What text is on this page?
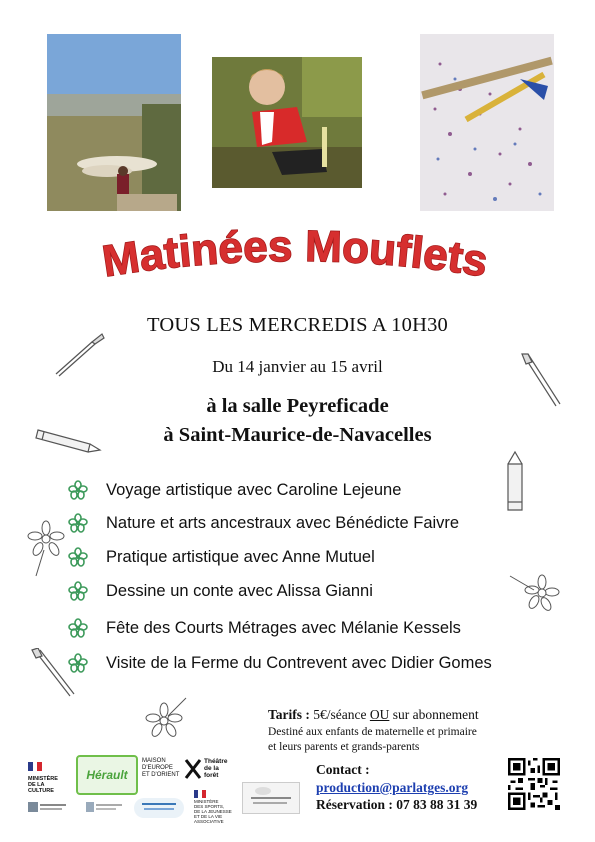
Matinées Mouflets
TOUS LES MERCREDIS A 10H30
Du 14 janvier au 15 avril
à la salle Peyreficade
à Saint-Maurice-de-Navacelles
Voyage artistique avec Caroline Lejeune
Nature et arts ancestraux avec Bénédicte Faivre
Pratique artistique avec Anne Mutuel
Dessine un conte avec Alissa Gianni
Fête des Courts Métrages avec Mélanie Kessels
Visite de la Ferme du Contrevent avec Didier Gomes
Tarifs : 5€/séance OU sur abonnement
Destiné aux enfants de maternelle et primaire
et leurs parents et grands-parents
Contact :
production@parlatges.org
Réservation : 07 83 88 31 39
MINISTÈRE
DE LA CULTURE
Hérault
MAISON
D'EUROPE
ET D'ORIENT
Théâtre
de la
forêt
MINISTÈRE
DES SPORTS,
DE LA JEUNESSE
ET DE LA VIE
ASSOCIATIVE
